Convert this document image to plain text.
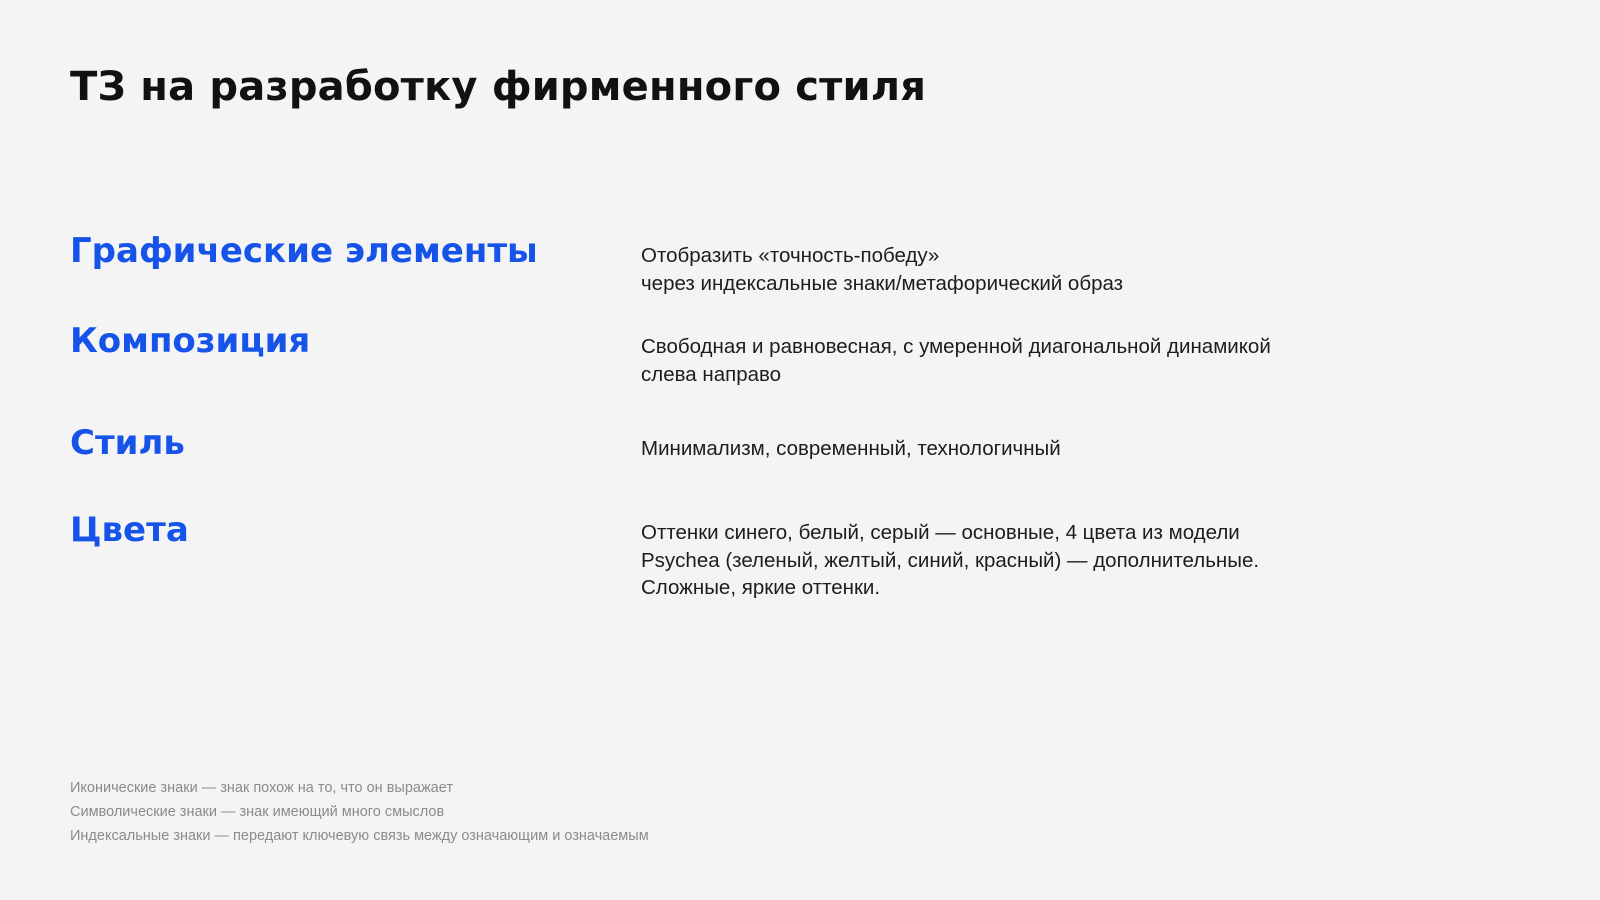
ТЗ на разработку фирменного стиля
Графические элементы	Отобразить «точность-победу»
через индексальные знаки/метафорический образ

Композиция	Свободная и равновесная, с умеренной диагональной динамикой
слева направо

Стиль	Минимализм, современный, технологичный

Цвета	Оттенки синего, белый, серый — основные, 4 цвета из модели
Psychea (зеленый, желтый, синий, красный) — дополнительные.
Сложные, яркие оттенки.

Иконические знаки — знак похож на то, что он выражает
Символические знаки — знак имеющий много смыслов
Индексальные знаки — передают ключевую связь между означающим и означаемым
